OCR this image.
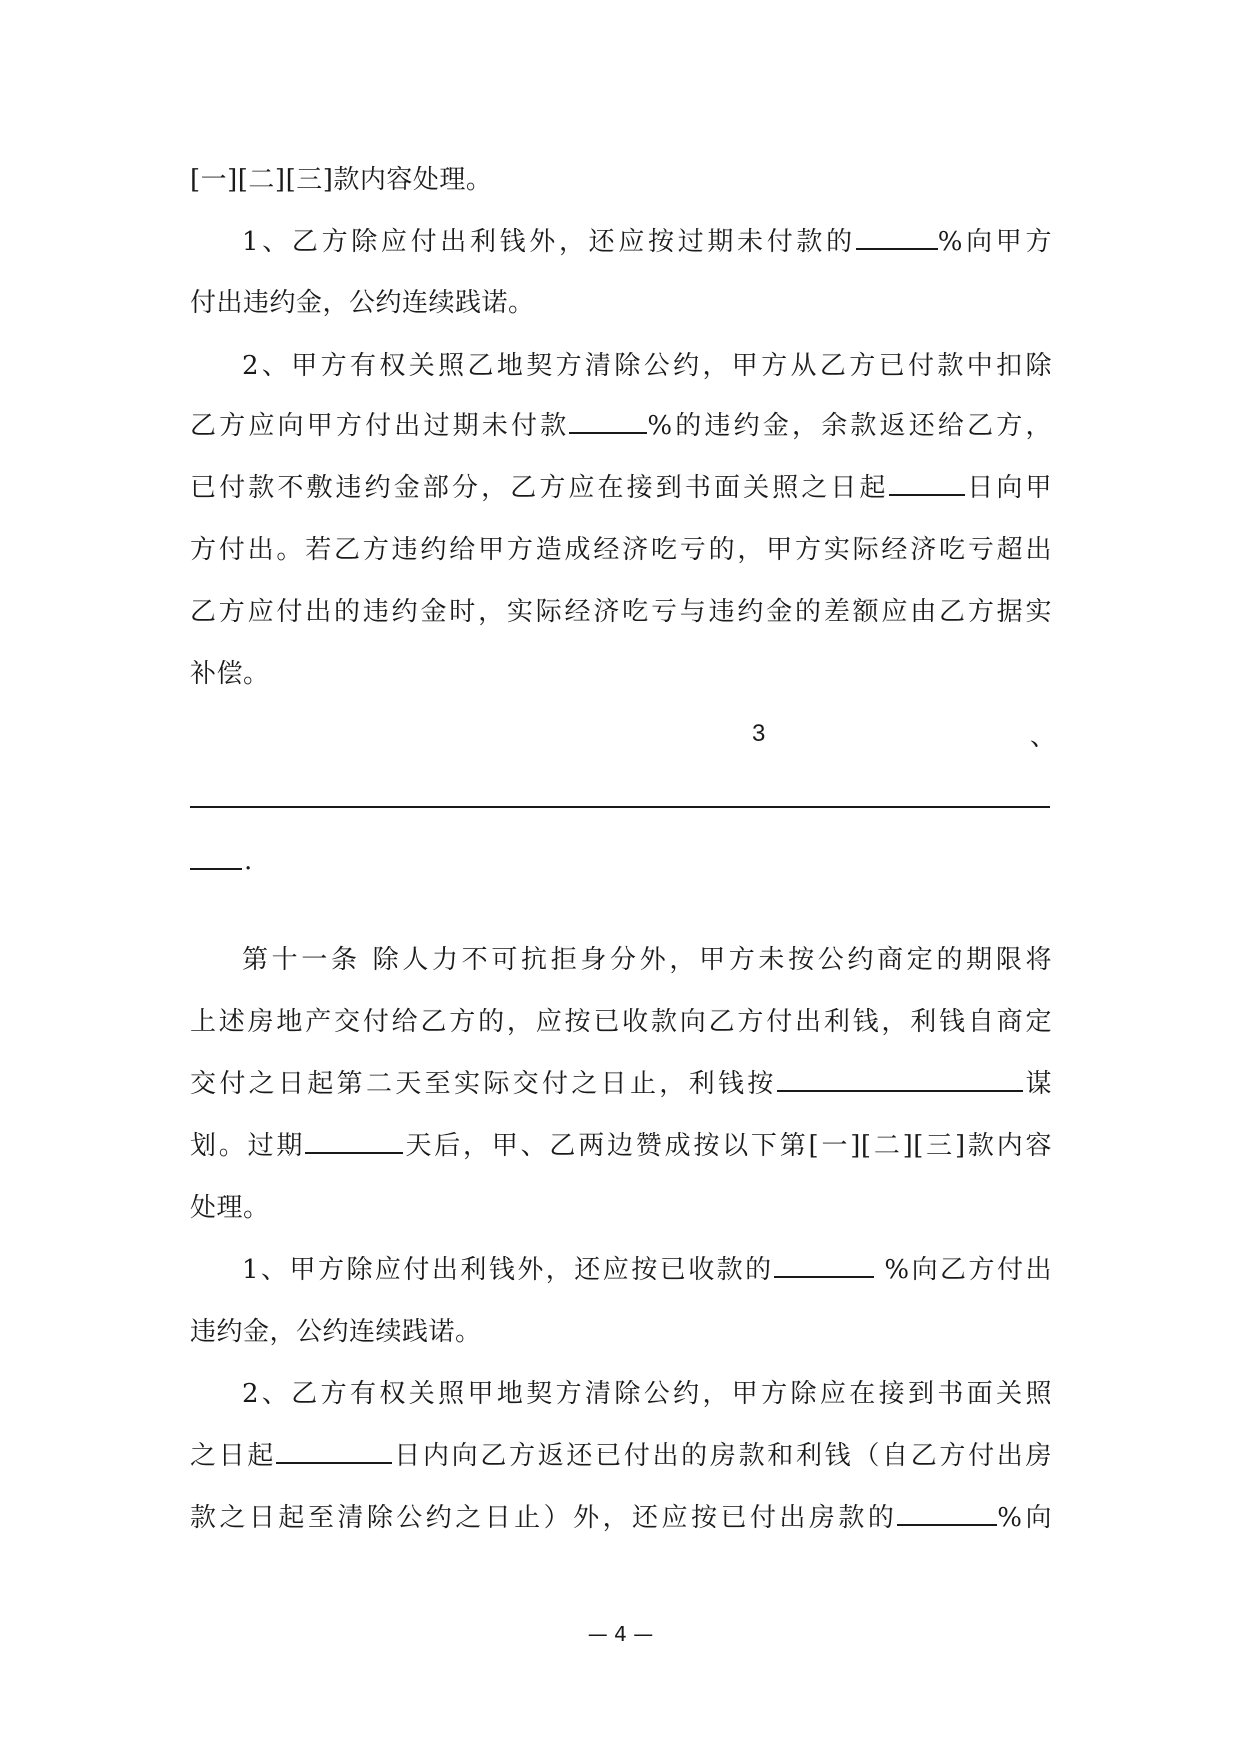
[一][二][三]款内容处理。
1、乙方除应付出利钱外，还应按过期未付款的	%向甲方
付出违约金，公约连续践诺。
2、甲方有权关照乙地契方清除公约，甲方从乙方已付款中扣除
乙方应向甲方付出过期未付款	%的违约金，余款返还给乙方，
已付款不敷违约金部分，乙方应在接到书面关照之日起	日向甲
方付出。若乙方违约给甲方造成经济吃亏的，甲方实际经济吃亏超出
乙方应付出的违约金时，实际经济吃亏与违约金的差额应由乙方据实
补偿。
3	、
.
第十一条 除人力不可抗拒身分外，甲方未按公约商定的期限将
上述房地产交付给乙方的，应按已收款向乙方付出利钱，利钱自商定
交付之日起第二天至实际交付之日止，利钱按	谋
划。过期	天后，甲、乙两边赞成按以下第[一][二][三]款内容
处理。
1、甲方除应付出利钱外，还应按已收款的	%向乙方付出
违约金，公约连续践诺。
2、乙方有权关照甲地契方清除公约，甲方除应在接到书面关照
之日起	日内向乙方返还已付出的房款和利钱（自乙方付出房
款之日起至清除公约之日止）外，还应按已付出房款的	%向
— 4 —
